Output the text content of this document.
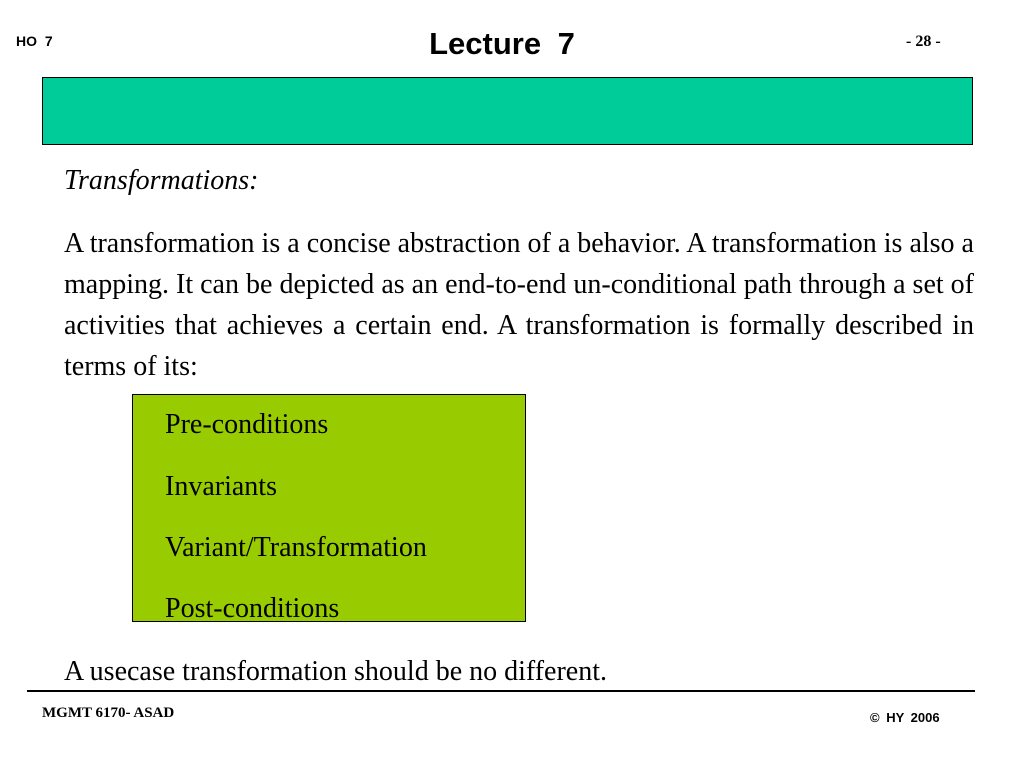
HO 7	Lecture 7	- 28 -
Transformations:

A transformation is a concise abstraction of a behavior. A transformation is also a mapping. It can be depicted as an end-to-end un-conditional path through a set of activities that achieves a certain end. A transformation is formally described in terms of its:

Pre-conditions
Invariants
Variant/Transformation
Post-conditions
A usecase transformation should be no different.
MGMT 6170- ASAD	© HY 2006
